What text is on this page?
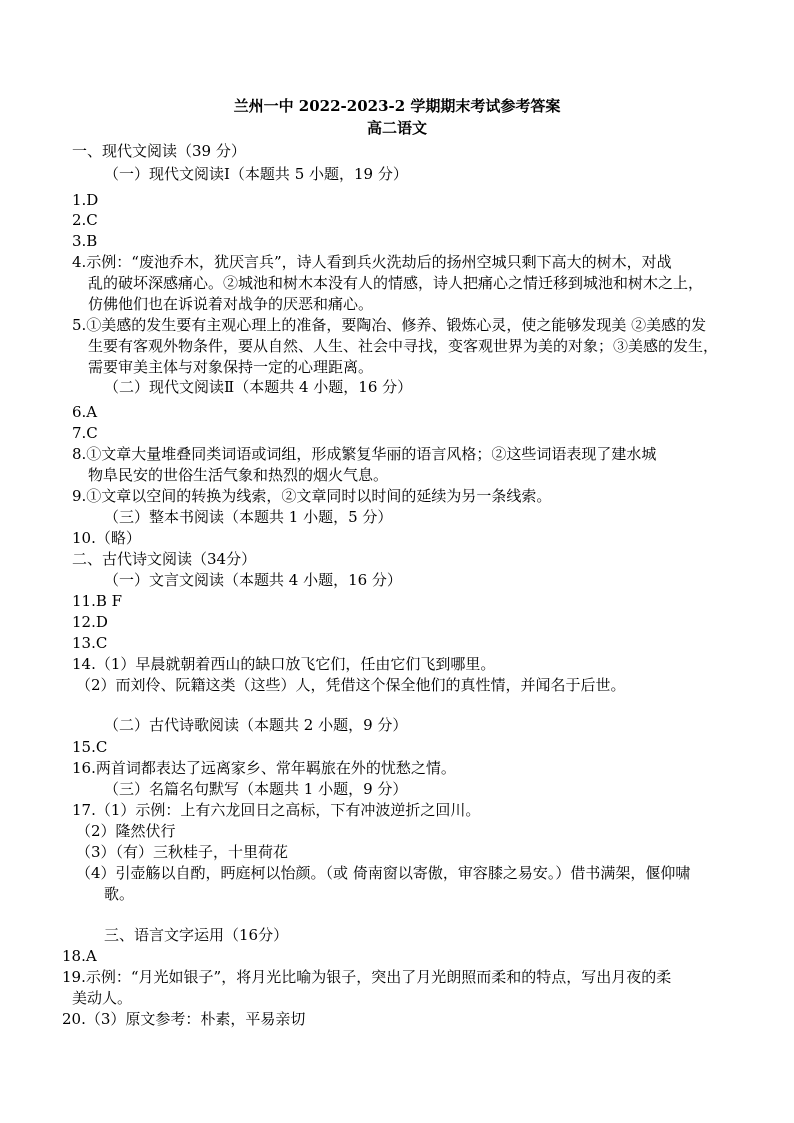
兰州一中 2022-2023-2 学期期末考试参考答案
高二语文
一、现代文阅读（39 分）
（一）现代文阅读Ⅰ（本题共 5 小题，19 分）
1.D
2.C
3.B
4.示例：“废池乔木，犹厌言兵”，诗人看到兵火洗劫后的扬州空城只剩下高大的树木，对战
乱的破坏深感痛心。②城池和树木本没有人的情感，诗人把痛心之情迁移到城池和树木之上，
仿佛他们也在诉说着对战争的厌恶和痛心。
5.①美感的发生要有主观心理上的准备，要陶冶、修养、锻炼心灵，使之能够发现美 ②美感的发
生要有客观外物条件，要从自然、人生、社会中寻找，变客观世界为美的对象；③美感的发生，
需要审美主体与对象保持一定的心理距离。
（二）现代文阅读Ⅱ（本题共 4 小题，16 分）
6.A
7.C
8.①文章大量堆叠同类词语或词组，形成繁复华丽的语言风格；②这些词语表现了建水城
物阜民安的世俗生活气象和热烈的烟火气息。
9.①文章以空间的转换为线索，②文章同时以时间的延续为另一条线索。
（三）整本书阅读（本题共 1 小题，5 分）
10.（略）
二、古代诗文阅读（34分）
（一）文言文阅读（本题共 4 小题，16 分）
11.B F
12.D
13.C
14.（1）早晨就朝着西山的缺口放飞它们，任由它们飞到哪里。
（2）而刘伶、阮籍这类（这些）人，凭借这个保全他们的真性情，并闻名于后世。
（二）古代诗歌阅读（本题共 2 小题，9 分）
15.C
16.两首词都表达了远离家乡、常年羁旅在外的忧愁之情。
（三）名篇名句默写（本题共 1 小题，9 分）
17.（1）示例：上有六龙回日之高标，下有冲波逆折之回川。
（2）隆然伏行
（3）（有）三秋桂子，十里荷花
（4）引壶觞以自酌，眄庭柯以怡颜。（或 倚南窗以寄傲，审容膝之易安。）借书满架，偃仰啸
歌。
三、语言文字运用（16分）
18.A
19.示例：“月光如银子”，将月光比喻为银子，突出了月光朗照而柔和的特点，写出月夜的柔
美动人。
20.（3）原文参考：朴素，平易亲切
